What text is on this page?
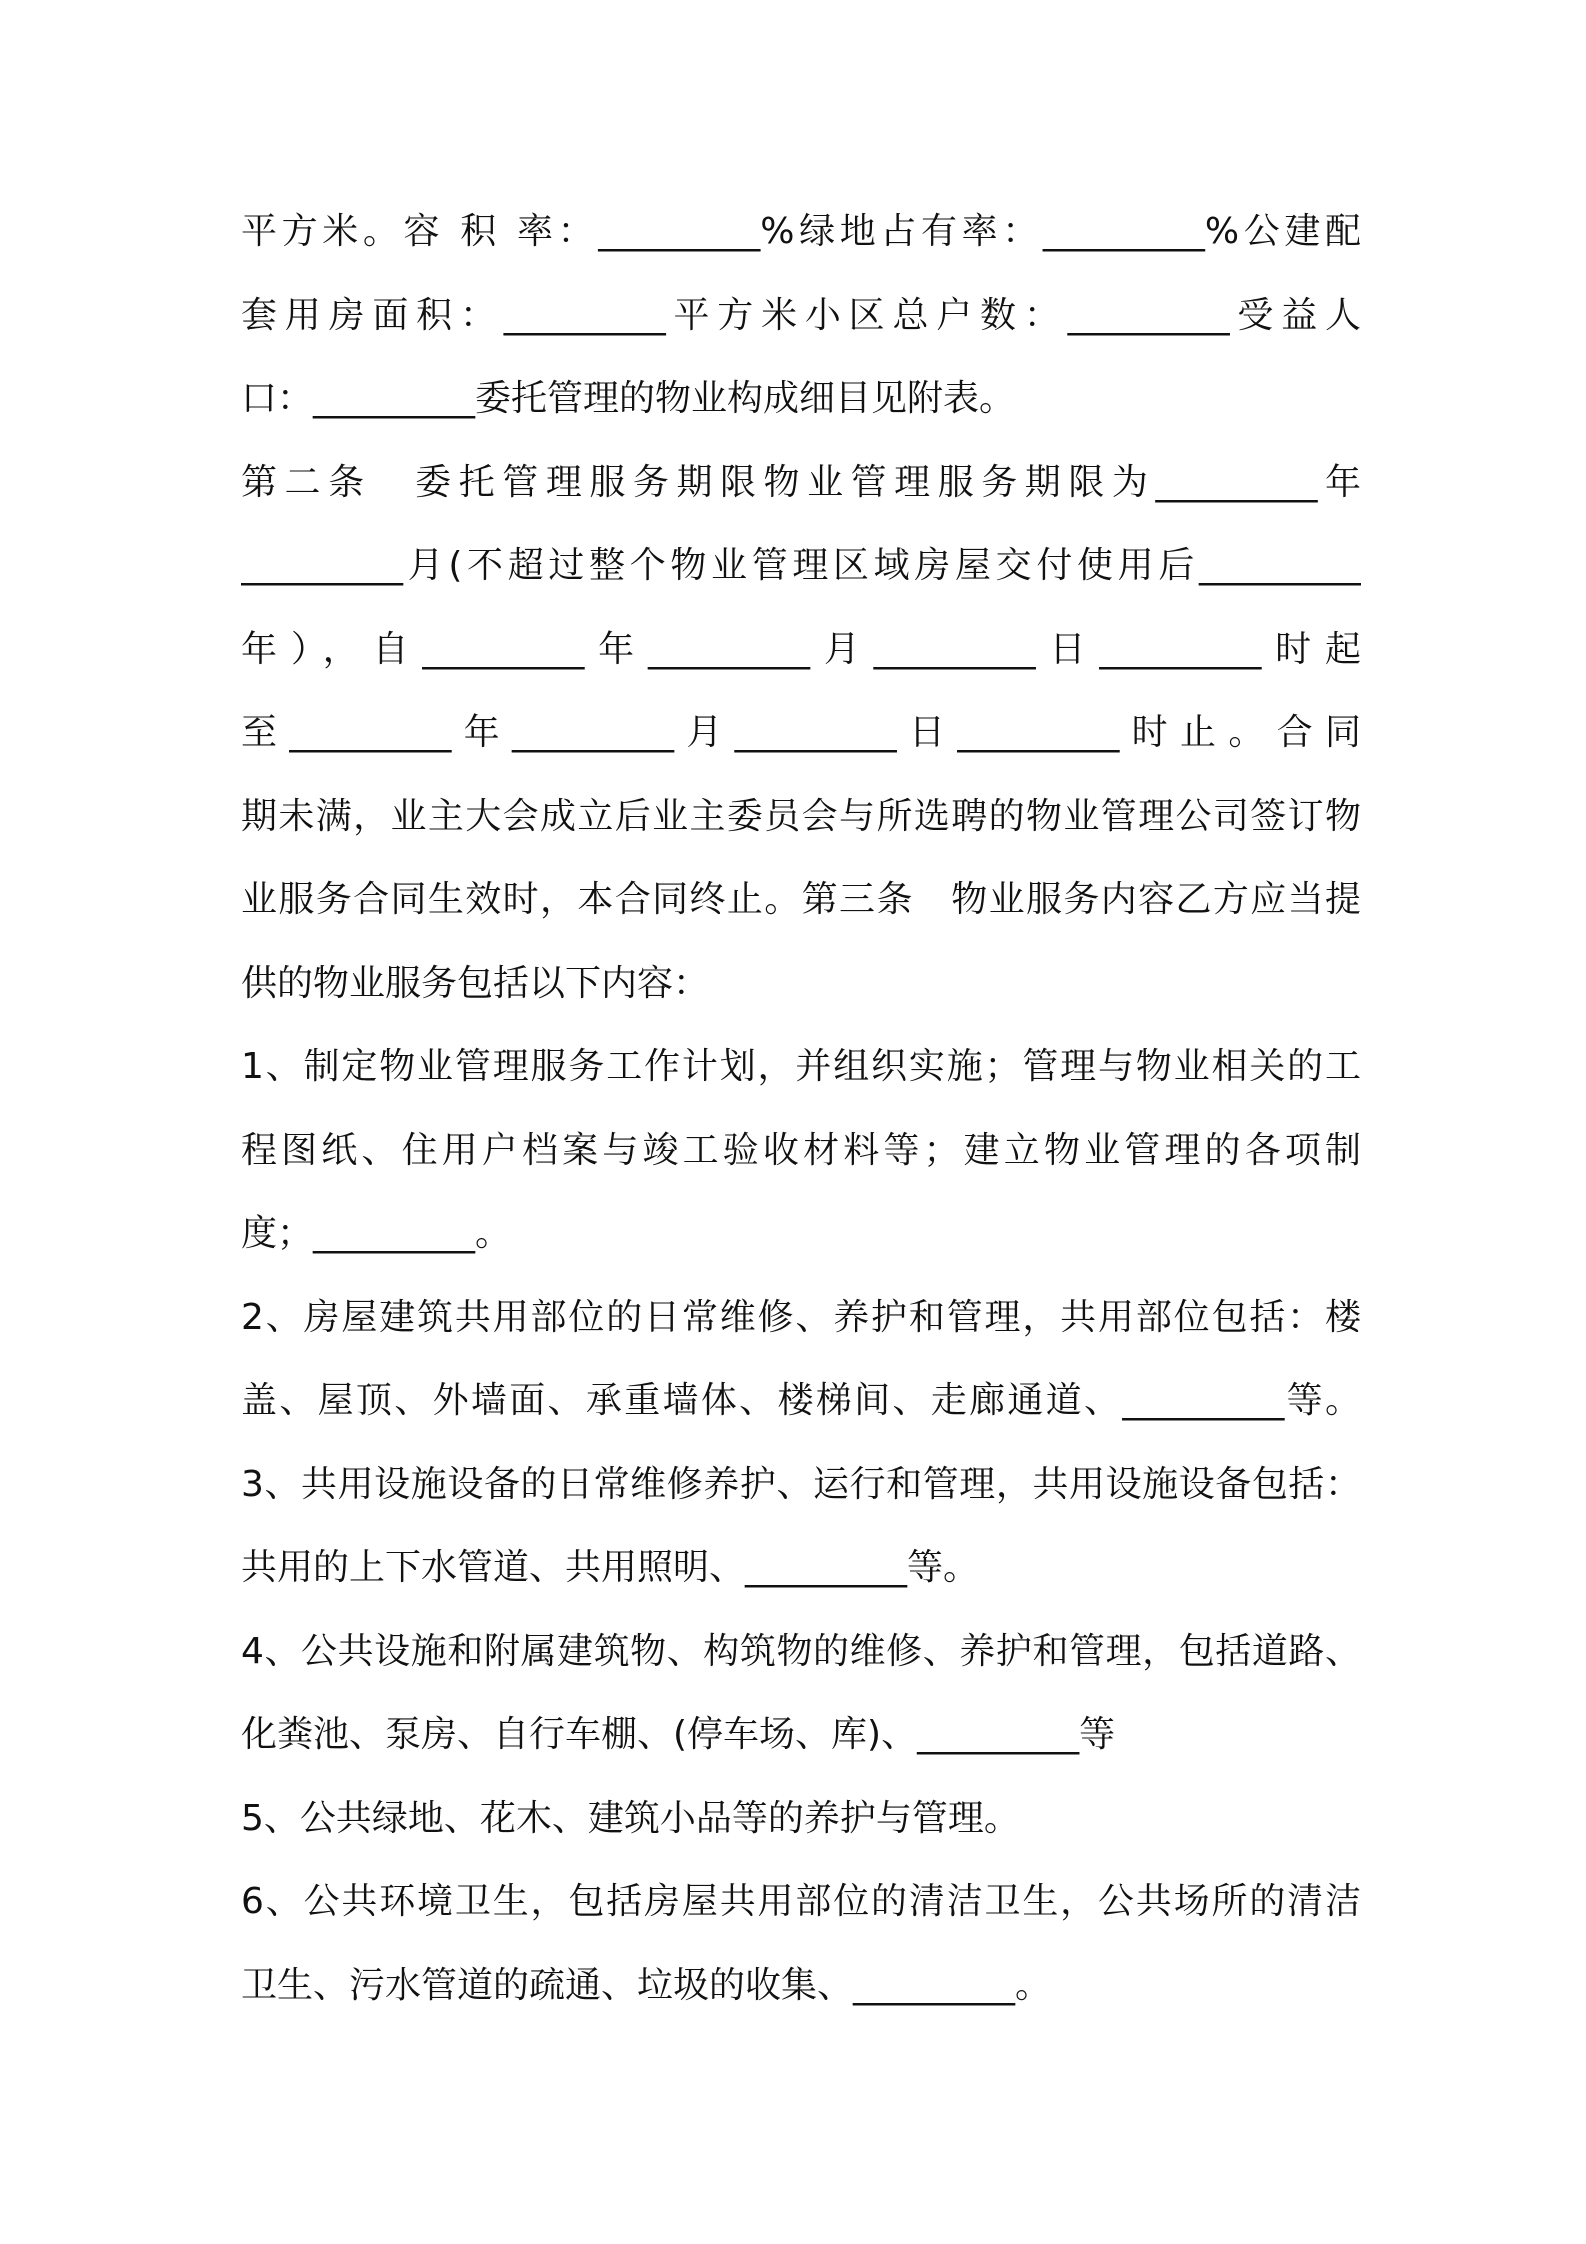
平方米。容 积 率：_________%绿地占有率：_________%公建配

套用房面积：_________平方米小区总户数：_________受益人

口：_________委托管理的物业构成细目见附表。

第二条　委托管理服务期限物业管理服务期限为_________年

_________月(不超过整个物业管理区域房屋交付使用后_________

年），自_________年_________月_________日_________时起

至_________年_________月_________日_________时止。合同

期未满，业主大会成立后业主委员会与所选聘的物业管理公司签订物

业服务合同生效时，本合同终止。第三条　物业服务内容乙方应当提

供的物业服务包括以下内容：

1、制定物业管理服务工作计划，并组织实施；管理与物业相关的工

程图纸、住用户档案与竣工验收材料等；建立物业管理的各项制

度；_________。

2、房屋建筑共用部位的日常维修、养护和管理，共用部位包括：楼

盖、屋顶、外墙面、承重墙体、楼梯间、走廊通道、_________等。

3、共用设施设备的日常维修养护、运行和管理，共用设施设备包括：

共用的上下水管道、共用照明、_________等。

4、公共设施和附属建筑物、构筑物的维修、养护和管理，包括道路、

化粪池、泵房、自行车棚、(停车场、库)、_________等

5、公共绿地、花木、建筑小品等的养护与管理。

6、公共环境卫生，包括房屋共用部位的清洁卫生，公共场所的清洁

卫生、污水管道的疏通、垃圾的收集、_________。
